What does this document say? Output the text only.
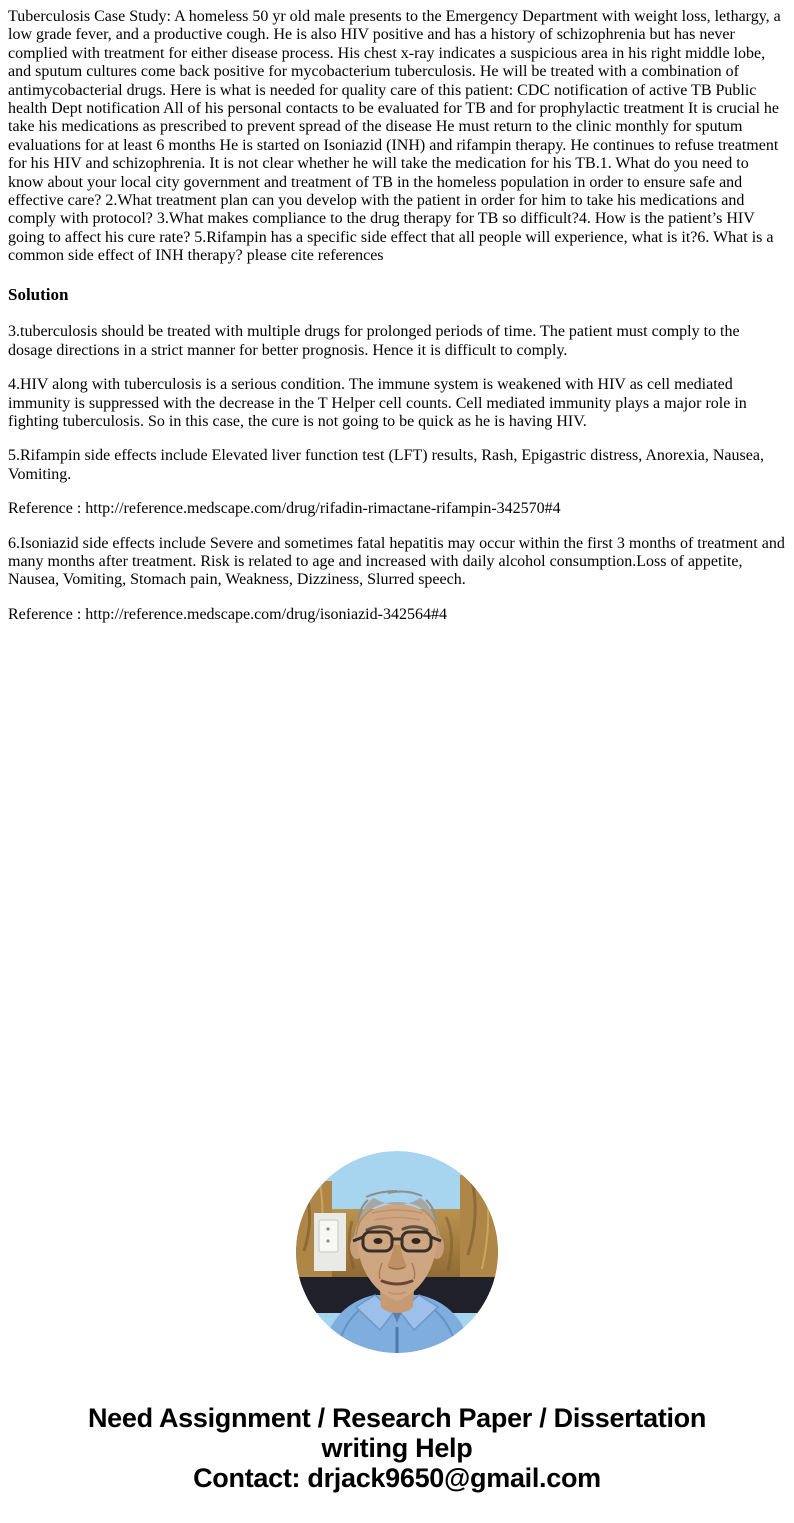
Tuberculosis Case Study: A homeless 50 yr old male presents to the Emergency Department with weight loss, lethargy, a low grade fever, and a productive cough. He is also HIV positive and has a history of schizophrenia but has never complied with treatment for either disease process. His chest x-ray indicates a suspicious area in his right middle lobe, and sputum cultures come back positive for mycobacterium tuberculosis. He will be treated with a combination of antimycobacterial drugs. Here is what is needed for quality care of this patient: CDC notification of active TB Public health Dept notification All of his personal contacts to be evaluated for TB and for prophylactic treatment It is crucial he take his medications as prescribed to prevent spread of the disease He must return to the clinic monthly for sputum evaluations for at least 6 months He is started on Isoniazid (INH) and rifampin therapy. He continues to refuse treatment for his HIV and schizophrenia. It is not clear whether he will take the medication for his TB.1. What do you need to know about your local city government and treatment of TB in the homeless population in order to ensure safe and effective care? 2.What treatment plan can you develop with the patient in order for him to take his medications and comply with protocol? 3.What makes compliance to the drug therapy for TB so difficult?4. How is the patient’s HIV going to affect his cure rate? 5.Rifampin has a specific side effect that all people will experience, what is it?6. What is a common side effect of INH therapy? please cite references

Solution

3.tuberculosis should be treated with multiple drugs for prolonged periods of time. The patient must comply to the dosage directions in a strict manner for better prognosis. Hence it is difficult to comply.

4.HIV along with tuberculosis is a serious condition. The immune system is weakened with HIV as cell mediated immunity is suppressed with the decrease in the T Helper cell counts. Cell mediated immunity plays a major role in fighting tuberculosis. So in this case, the cure is not going to be quick as he is having HIV.

5.Rifampin side effects include Elevated liver function test (LFT) results, Rash, Epigastric distress, Anorexia, Nausea, Vomiting.

Reference : http://reference.medscape.com/drug/rifadin-rimactane-rifampin-342570#4

6.Isoniazid side effects include Severe and sometimes fatal hepatitis may occur within the first 3 months of treatment and many months after treatment. Risk is related to age and increased with daily alcohol consumption.Loss of appetite, Nausea, Vomiting, Stomach pain, Weakness, Dizziness, Slurred speech.

Reference : http://reference.medscape.com/drug/isoniazid-342564#4

Need Assignment / Research Paper / Dissertation
writing Help
Contact: drjack9650@gmail.com
